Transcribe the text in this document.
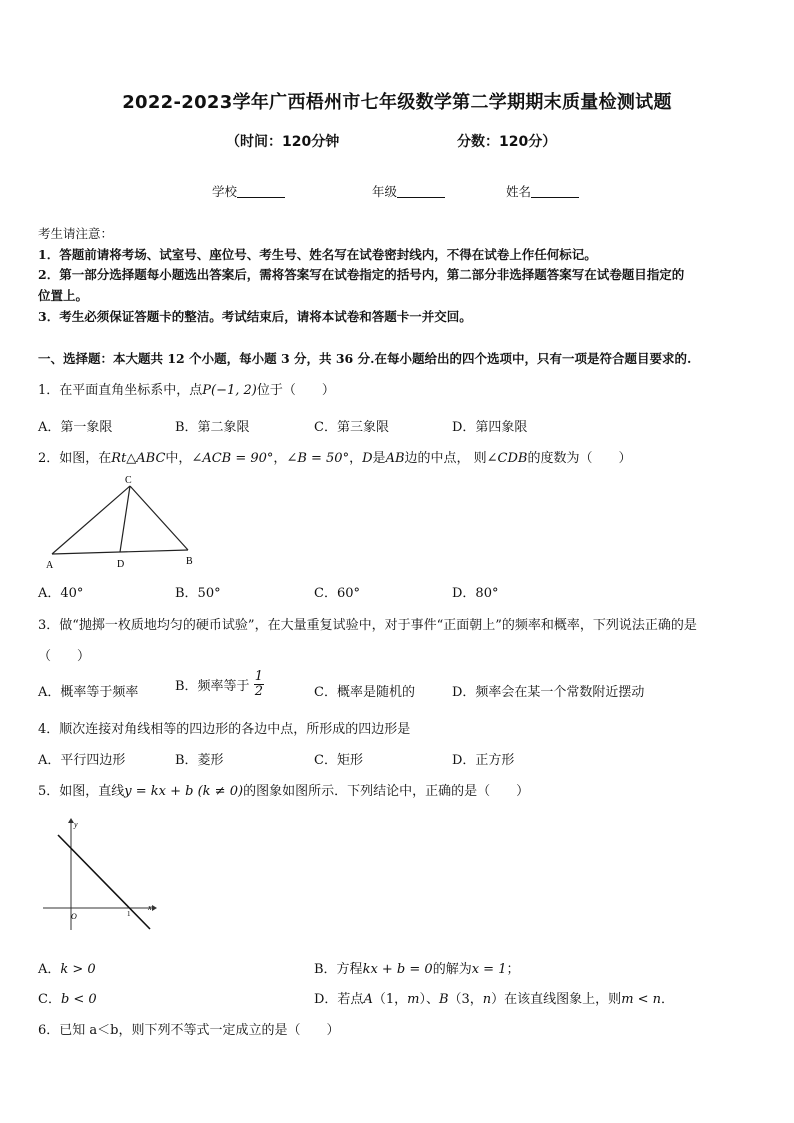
2022-2023学年广西梧州市七年级数学第二学期期末质量检测试题
（时间：120分钟	分数：120分）
学校	年级	姓名
考生请注意：
1．答题前请将考场、试室号、座位号、考生号、姓名写在试卷密封线内，不得在试卷上作任何标记。
2．第一部分选择题每小题选出答案后，需将答案写在试卷指定的括号内，第二部分非选择题答案写在试卷题目指定的
位置上。
3．考生必须保证答题卡的整洁。考试结束后，请将本试卷和答题卡一并交回。
一、选择题：本大题共 12 个小题，每小题 3 分，共 36 分.在每小题给出的四个选项中，只有一项是符合题目要求的.
1．在平面直角坐标系中，点P(−1, 2)位于（　　）
A．第一象限	B．第二象限	C．第三象限	D．第四象限
2．如图，在Rt△ABC中，∠ACB = 90°，∠B = 50°，D是AB边的中点， 则∠CDB的度数为（　　）
C
A	D	B
A．40°	B．50°	C．60°	D．80°
3．做“抛掷一枚质地均匀的硬币试验”，在大量重复试验中，对于事件“正面朝上”的频率和概率，下列说法正确的是
（　　）
A．概率等于频率	B．频率等于 $\frac{1}{2}$	C．概率是随机的	D．频率会在某一个常数附近摆动
4．顺次连接对角线相等的四边形的各边中点，所形成的四边形是
A．平行四边形	B．菱形	C．矩形	D．正方形
5．如图，直线y = kx + b (k ≠ 0)的图象如图所示．下列结论中，正确的是（　　）
y
x
O	1
A．k > 0	B．方程kx + b = 0的解为x = 1；
C．b < 0	D．若点A（1，m）、B（3，n）在该直线图象上，则m < n．
6．已知 a＜b，则下列不等式一定成立的是（　　）
